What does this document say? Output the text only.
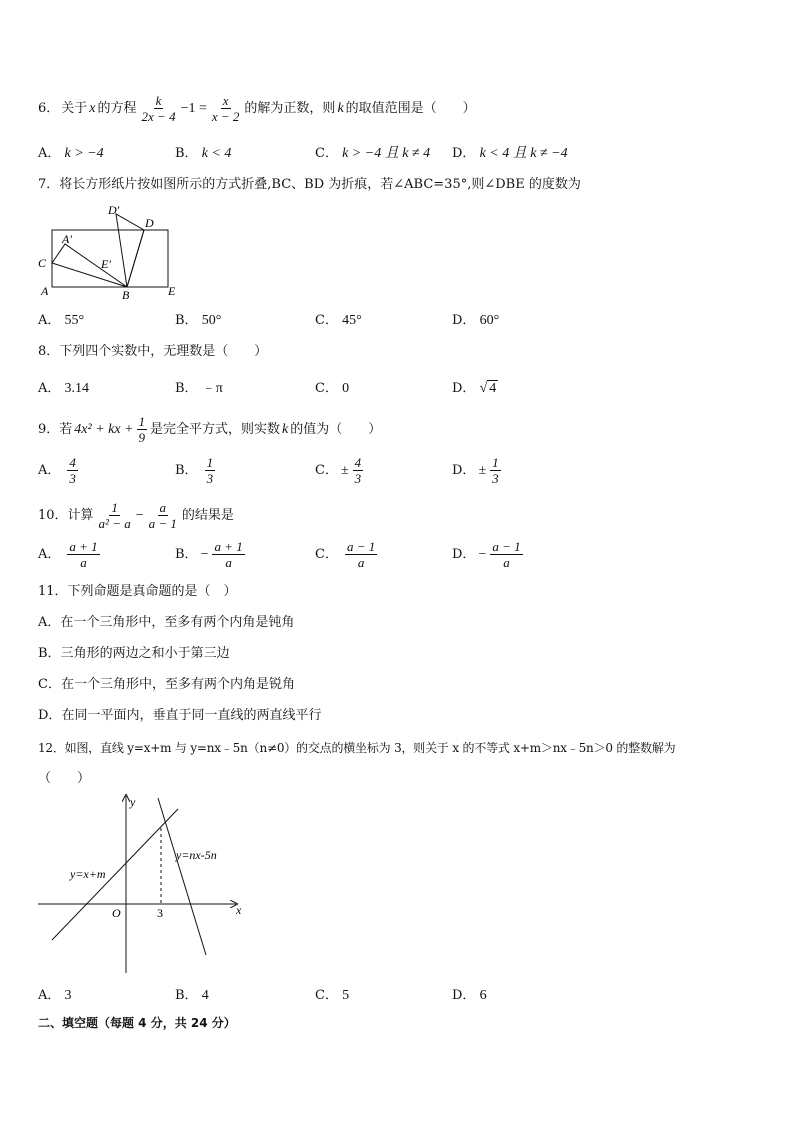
6． 关于 x 的方程 $\frac{k}{2x - 4} -1 = \frac{x}{x - 2}$ 的解为正数，则 k 的取值范围是（　　）
A． k > −4	B． k < 4	C． k > −4 且 k ≠ 4 D． k < 4 且 k ≠ −4
7．将长方形纸片按如图所示的方式折叠,BC、BD 为折痕，若∠ABC=35°,则∠DBE 的度数为
D′
D
A′
E′
C
A	B	E
A． 55°	B． 50°	C． 45°	D． 60°
8．下列四个实数中，无理数是（　　）
A． 3.14	B． ﹣π	C． 0	D． √ 4
9．若 4x² + kx + $\frac{1}{9}$ 是完全平方式，则实数 k 的值为（　　）
A． $\frac{4}{3}$	B． $\frac{1}{3}$	C． ± $\frac{4}{3}$	D． ± $\frac{1}{3}$
10．计算 $\frac{1}{\text{a² − a}} - \frac{a}{a - 1}$ 的结果是
A． $\frac{a + 1}{a}$	B． − $\frac{a + 1}{a}$	C． $\frac{a - 1}{a}$	D． − $\frac{a - 1}{a}$
11．下列命题是真命题的是（　）
A．在一个三角形中，至多有两个内角是钝角
B．三角形的两边之和小于第三边
C．在一个三角形中，至多有两个内角是锐角
D．在同一平面内，垂直于同一直线的两直线平行
12．如图，直线 y=x+m 与 y=nx﹣5n（n≠0）的交点的横坐标为 3，则关于 x 的不等式 x+m＞nx﹣5n＞0 的整数解为
（　　）
y
x
O	3
y=x+m
y=nx-5n
A． 3	B． 4	C． 5	D． 6
二、填空题（每题 4 分，共 24 分）
